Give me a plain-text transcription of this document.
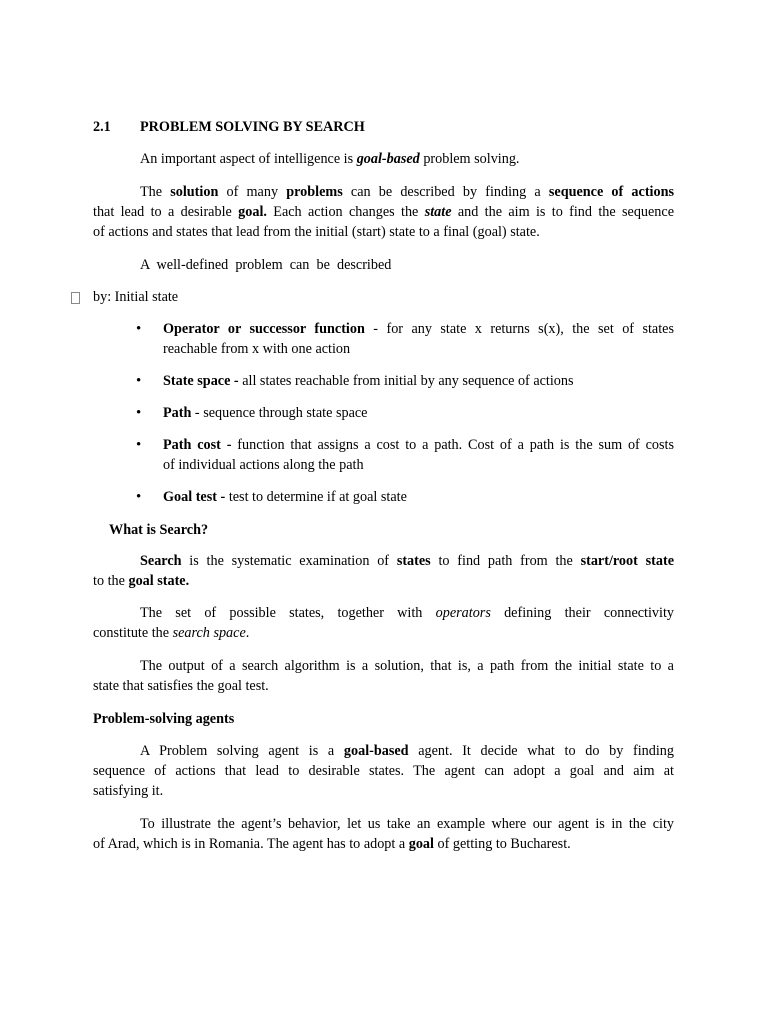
2.1 PROBLEM SOLVING BY SEARCH
An important aspect of intelligence is goal-based problem solving.
The solution of many problems can be described by finding a sequence of actions
that lead to a desirable goal. Each action changes the state and the aim is to find the sequence
of actions and states that lead from the initial (start) state to a final (goal) state.
A  well-defined  problem  can  be  described
by: Initial state
• Operator or successor function - for any state x returns s(x), the set of states
reachable from x with one action
• State space - all states reachable from initial by any sequence of actions
• Path - sequence through state space
• Path cost - function that assigns a cost to a path. Cost of a path is the sum of costs
of individual actions along the path
• Goal test - test to determine if at goal state
What is Search?
Search is the systematic examination of states to find path from the start/root state
to the goal state.
The set of possible states, together with operators defining their connectivity
constitute the search space.
The output of a search algorithm is a solution, that is, a path from the initial state to a
state that satisfies the goal test.
Problem-solving agents
A Problem solving agent is a goal-based agent. It decide what to do by finding
sequence of actions that lead to desirable states. The agent can adopt a goal and aim at
satisfying it.
To illustrate the agent’s behavior, let us take an example where our agent is in the city
of Arad, which is in Romania. The agent has to adopt a goal of getting to Bucharest.
